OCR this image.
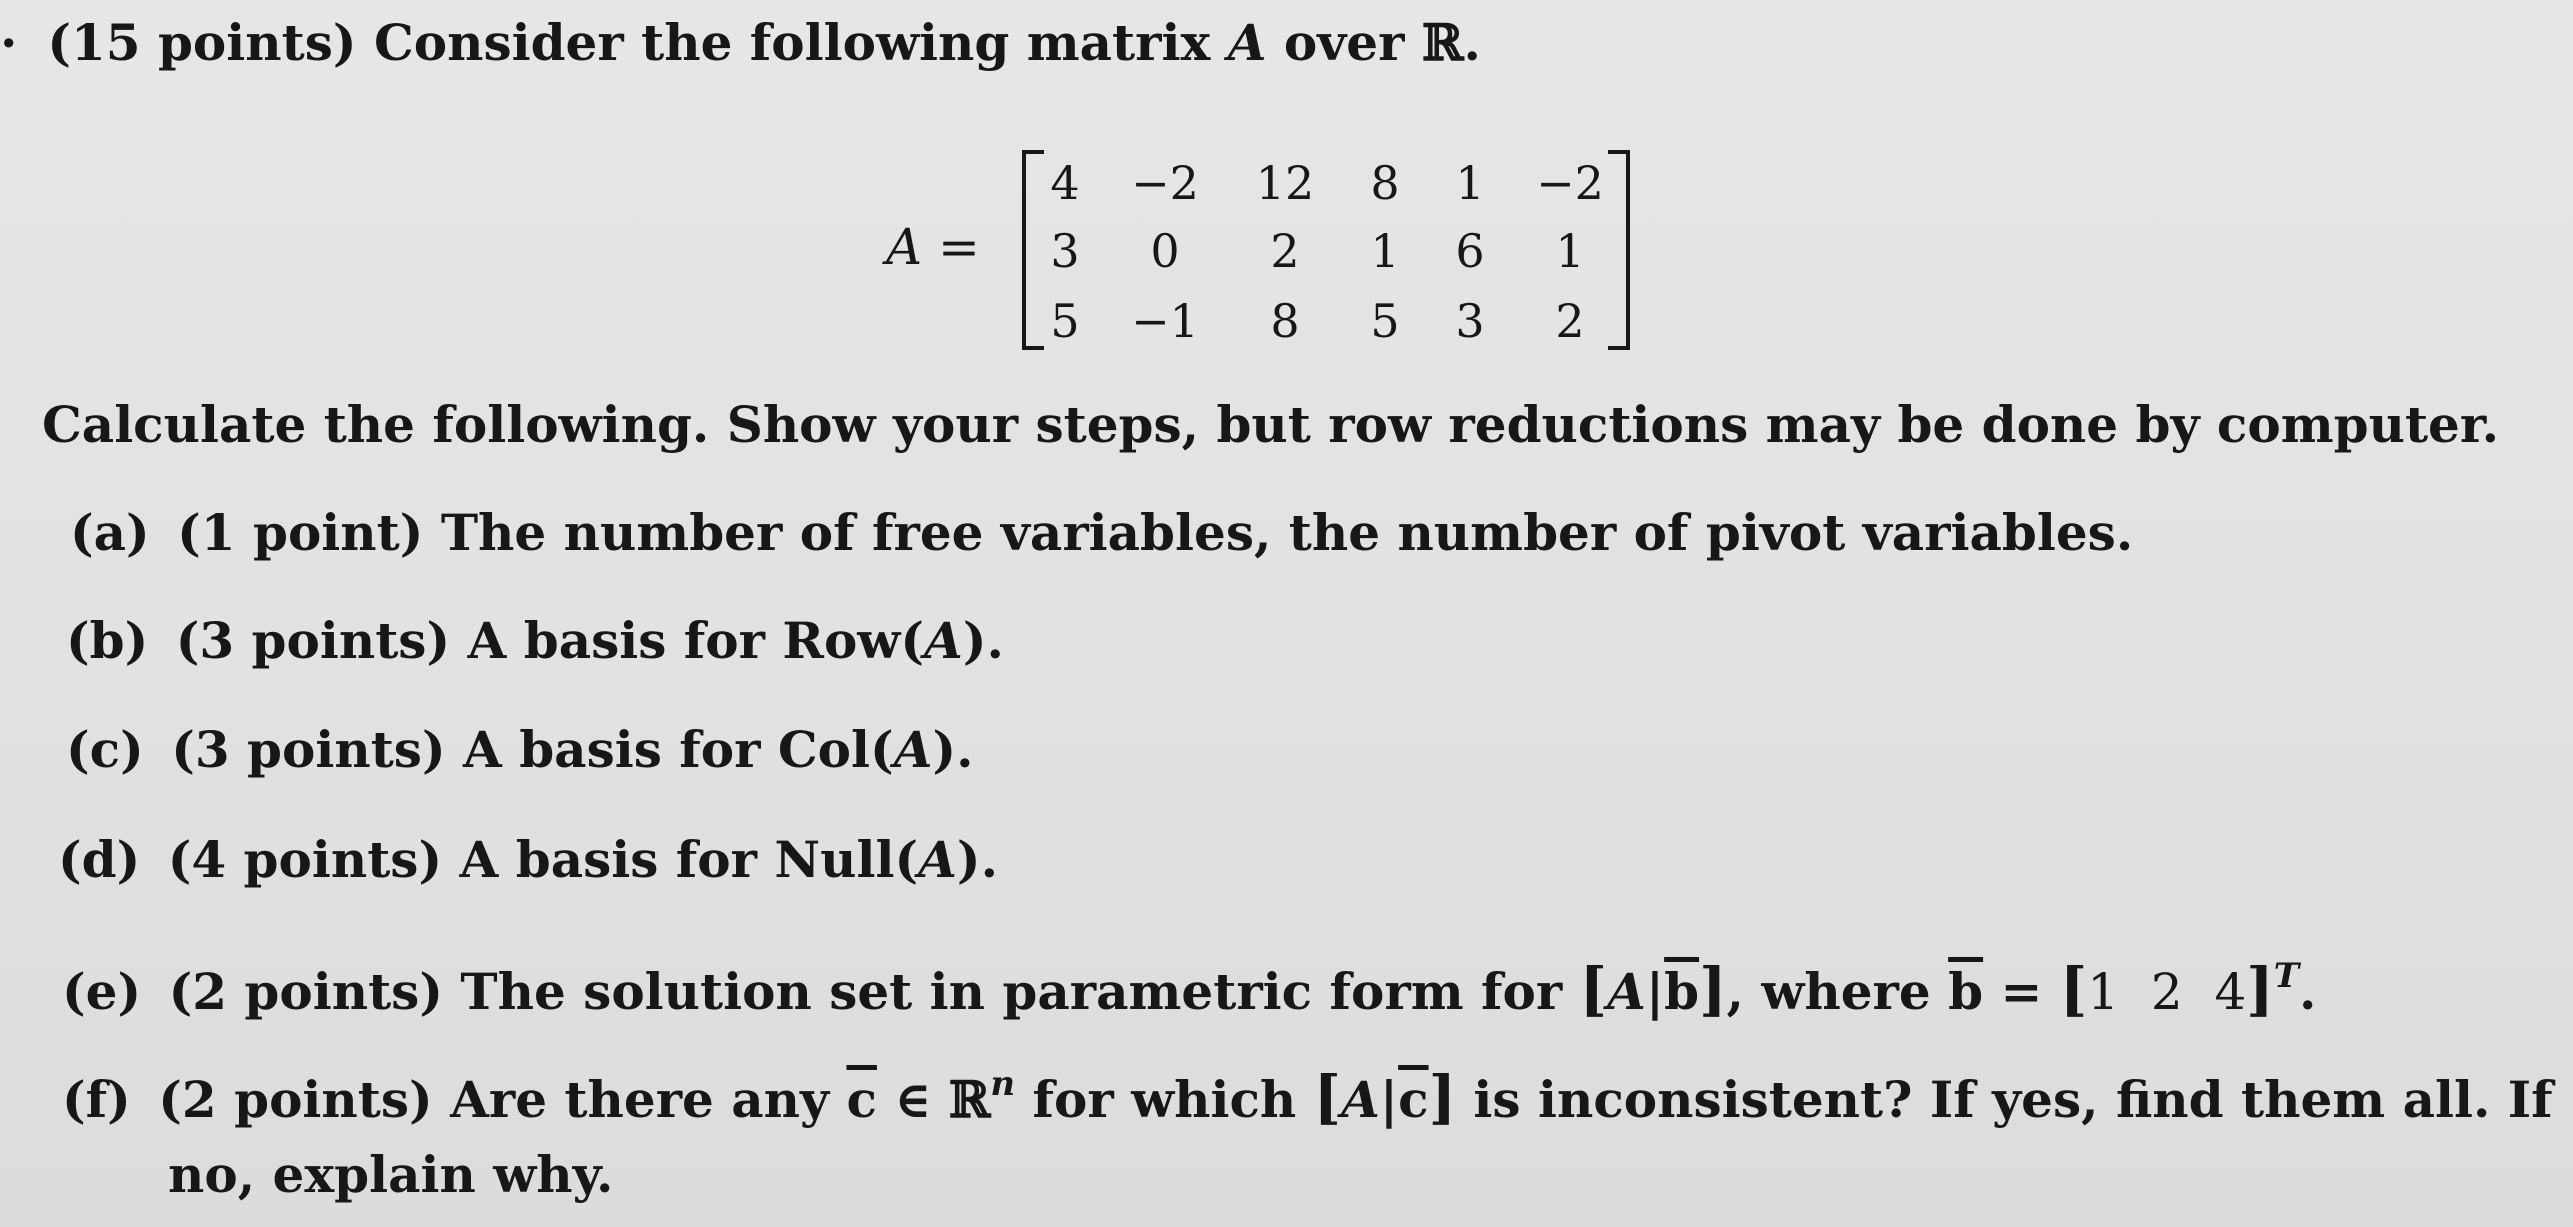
· (15 points) Consider the following matrix A over ℝ.
A =
4	−2	12	8	1	−2
3	0	2	1	6	1
5	−1	8	5	3	2
Calculate the following. Show your steps, but row reductions may be done by computer.
(a) (1 point) The number of free variables, the number of pivot variables.
(b) (3 points) A basis for Row(A).
(c) (3 points) A basis for Col(A).
(d) (4 points) A basis for Null(A).
(e) (2 points) The solution set in parametric form for $[A|\overline{b}]$, where $\overline{b} = [1$  2  4]$^T$.
(f) (2 points) Are there any $\overline{c}$ ∈ ℝ$^n$ for which $[A|\overline{c}]$ is inconsistent? If yes, find them all. If
no, explain why.
